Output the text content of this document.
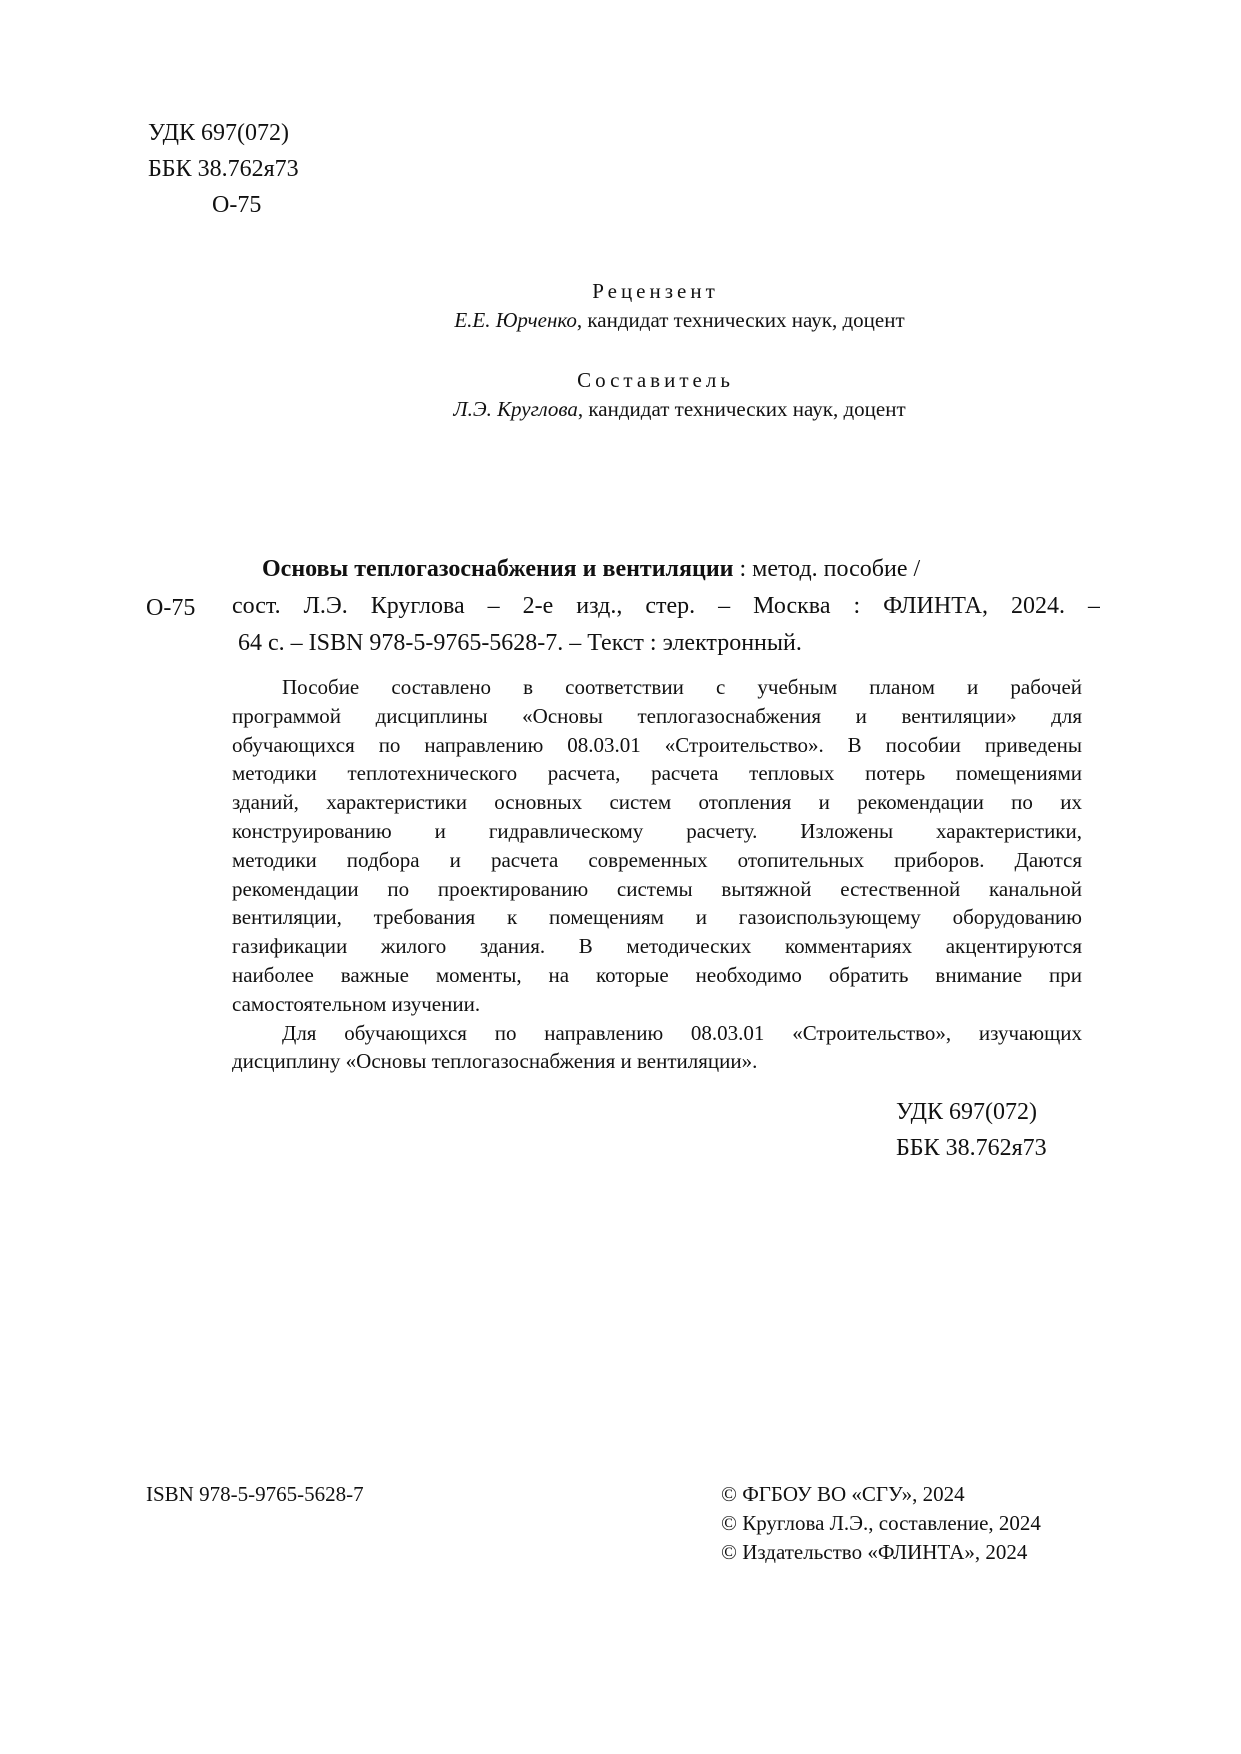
УДК 697(072)
ББК 38.762я73
О-75
Рецензент
Е.Е. Юрченко, кандидат технических наук, доцент
Составитель
Л.Э. Круглова, кандидат технических наук, доцент
О-75
Основы теплогазоснабжения и вентиляции : метод. пособие /
сост. Л.Э. Круглова – 2-е изд., стер. – Москва : ФЛИНТА, 2024. –
64 с. – ISBN 978-5-9765-5628-7. – Текст : электронный.
Пособие составлено в соответствии с учебным планом и рабочей
программой дисциплины «Основы теплогазоснабжения и вентиляции» для
обучающихся по направлению 08.03.01 «Строительство». В пособии приведены
методики теплотехнического расчета, расчета тепловых потерь помещениями
зданий, характеристики основных систем отопления и рекомендации по их
конструированию и гидравлическому расчету. Изложены характеристики,
методики подбора и расчета современных отопительных приборов. Даются
рекомендации по проектированию системы вытяжной естественной канальной
вентиляции, требования к помещениям и газоиспользующему оборудованию
газификации жилого здания. В методических комментариях акцентируются
наиболее важные моменты, на которые необходимо обратить внимание при
самостоятельном изучении.
Для обучающихся по направлению 08.03.01 «Строительство», изучающих
дисциплину «Основы теплогазоснабжения и вентиляции».
УДК 697(072)
ББК 38.762я73
ISBN 978-5-9765-5628-7	© ФГБОУ ВО «СГУ», 2024
© Круглова Л.Э., составление, 2024
© Издательство «ФЛИНТА», 2024
